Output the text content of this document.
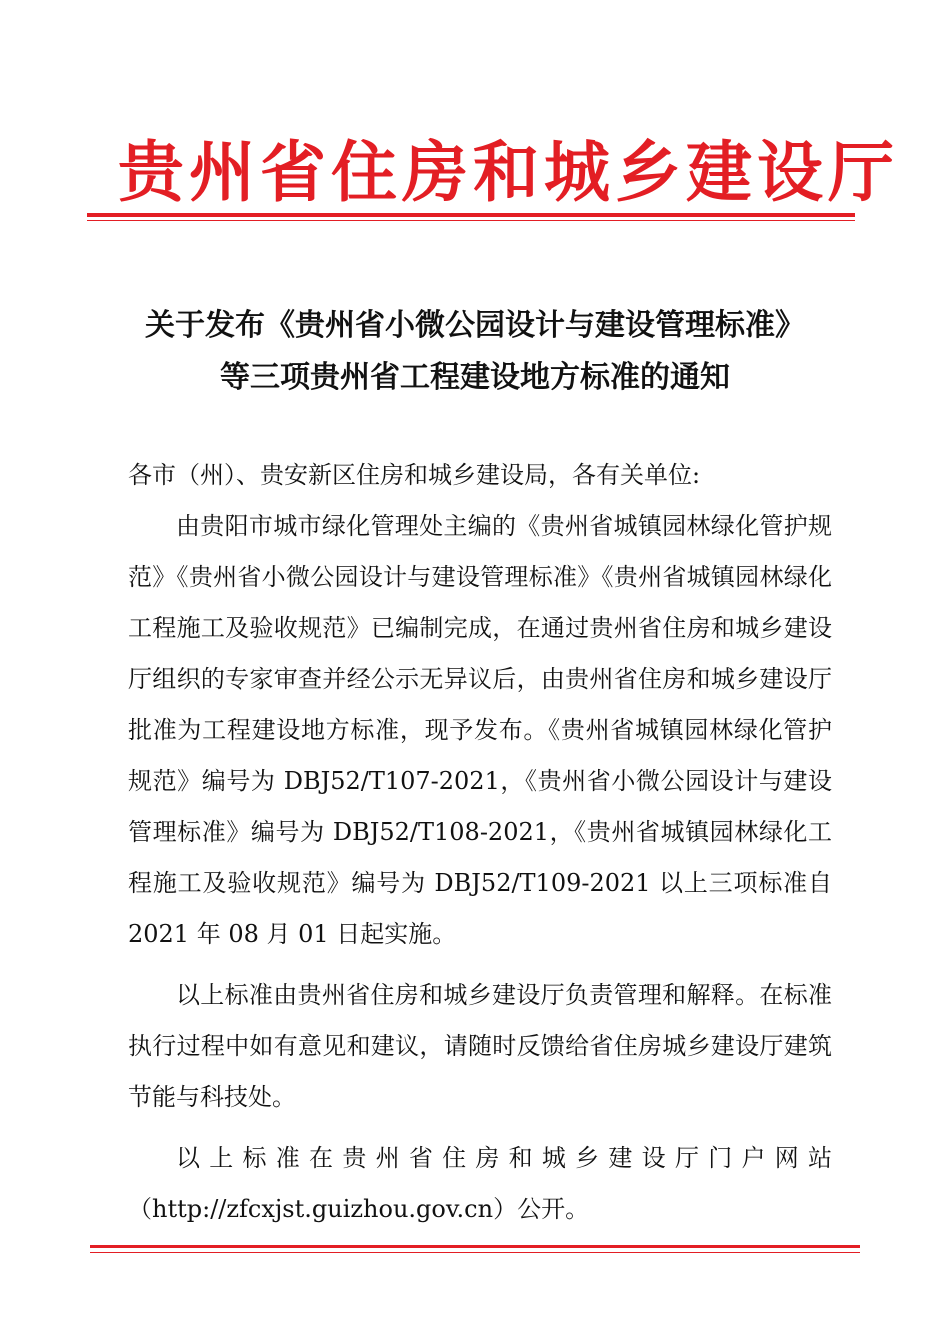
贵州省住房和城乡建设厅
关于发布《贵州省小微公园设计与建设管理标准》
等三项贵州省工程建设地方标准的通知

各市（州）、贵安新区住房和城乡建设局，各有关单位:

由贵阳市城市绿化管理处主编的《贵州省城镇园林绿化管护规范》《贵州省小微公园设计与建设管理标准》《贵州省城镇园林绿化工程施工及验收规范》已编制完成，在通过贵州省住房和城乡建设厅组织的专家审查并经公示无异议后，由贵州省住房和城乡建设厅批准为工程建设地方标准，现予发布。《贵州省城镇园林绿化管护规范》编号为 DBJ52/T107-2021，《贵州省小微公园设计与建设管理标准》编号为 DBJ52/T108-2021，《贵州省城镇园林绿化工程施工及验收规范》编号为 DBJ52/T109-2021 以上三项标准自 2021 年 08 月 01 日起实施。

以上标准由贵州省住房和城乡建设厅负责管理和解释。在标准执行过程中如有意见和建议，请随时反馈给省住房城乡建设厅建筑节能与科技处。

以上标准在贵州省住房和城乡建设厅门户网站（http://zfcxjst.guizhou.gov.cn）公开。
